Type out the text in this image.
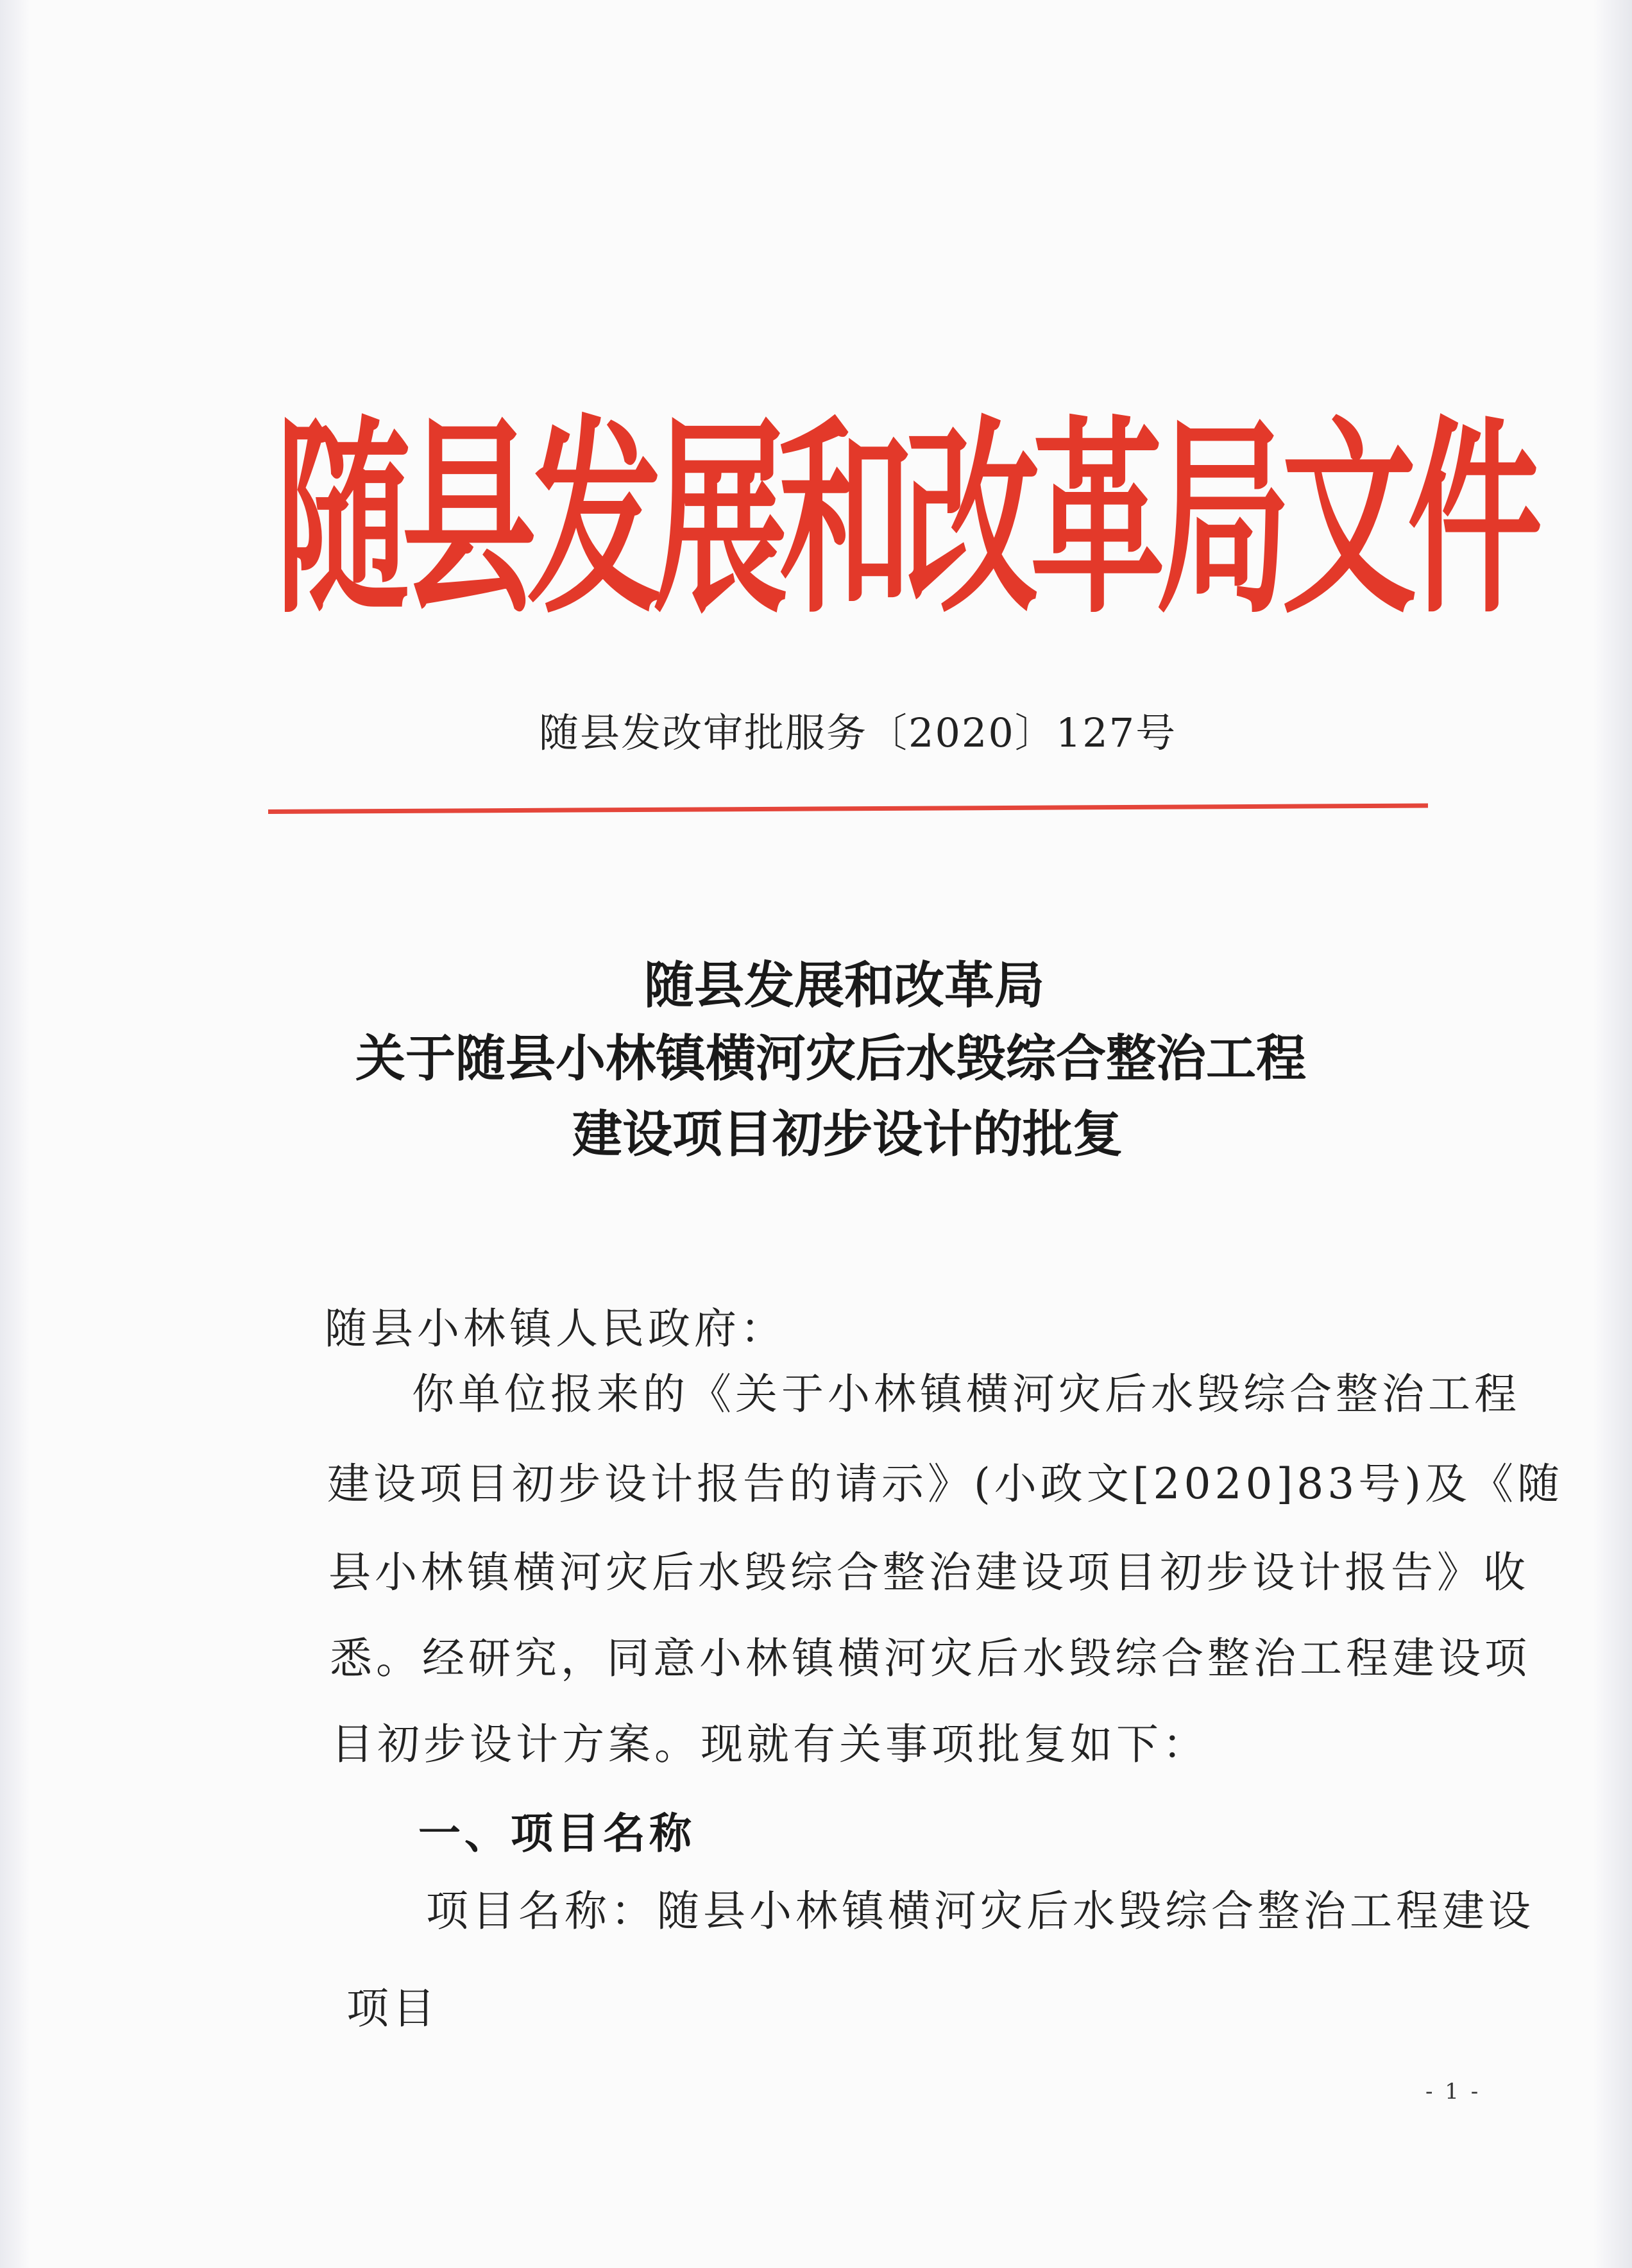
随县发展和改革局文件
随县发改审批服务〔2020〕127号
随县发展和改革局
关于随县小林镇横河灾后水毁综合整治工程
建设项目初步设计的批复
随县小林镇人民政府：
你单位报来的《关于小林镇横河灾后水毁综合整治工程
建设项目初步设计报告的请示》(小政文[2020]83号)及《随
县小林镇横河灾后水毁综合整治建设项目初步设计报告》收
悉。经研究，同意小林镇横河灾后水毁综合整治工程建设项
目初步设计方案。现就有关事项批复如下：
一、项目名称
项目名称：随县小林镇横河灾后水毁综合整治工程建设
项目
- 1 -
